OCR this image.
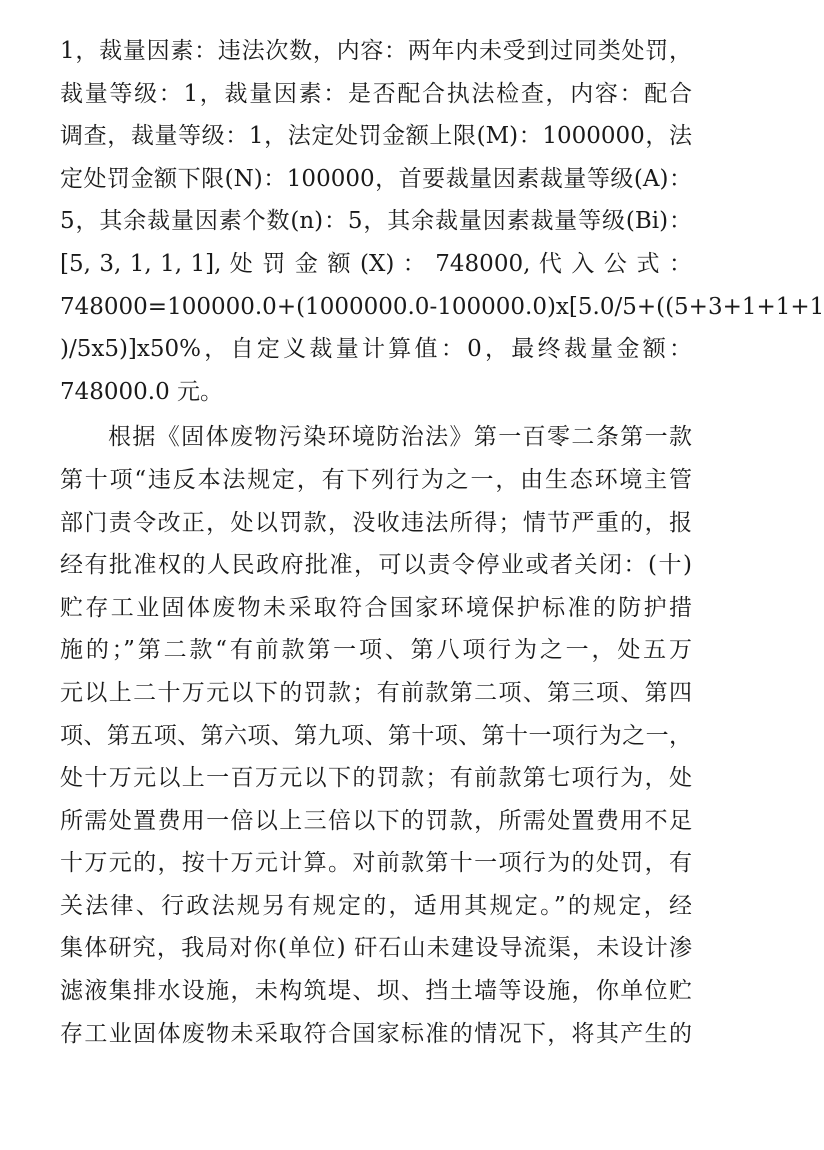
1，裁量因素：违法次数，内容：两年内未受到过同类处罚，
裁量等级：1，裁量因素：是否配合执法检查，内容：配合
调查，裁量等级：1，法定处罚金额上限(M)：1000000，法
定处罚金额下限(N)：100000，首要裁量因素裁量等级(A)：
5，其余裁量因素个数(n)：5，其余裁量因素裁量等级(Bi)：
[5, 3, 1, 1, 1], 处 罚 金 额 (X) ： 748000, 代 入 公 式 ：
748000=100000.0+(1000000.0-100000.0)x[5.0/5+((5+3+1+1+1
)/5x5)]x50%，自定义裁量计算值：0，最终裁量金额：
748000.0 元。
根据《固体废物污染环境防治法》第一百零二条第一款
第十项“违反本法规定，有下列行为之一，由生态环境主管
部门责令改正，处以罚款，没收违法所得；情节严重的，报
经有批准权的人民政府批准，可以责令停业或者关闭：(十)
贮存工业固体废物未采取符合国家环境保护标准的防护措
施的；”第二款“有前款第一项、第八项行为之一，处五万
元以上二十万元以下的罚款；有前款第二项、第三项、第四
项、第五项、第六项、第九项、第十项、第十一项行为之一，
处十万元以上一百万元以下的罚款；有前款第七项行为，处
所需处置费用一倍以上三倍以下的罚款，所需处置费用不足
十万元的，按十万元计算。对前款第十一项行为的处罚，有
关法律、行政法规另有规定的，适用其规定。”的规定，经
集体研究，我局对你(单位) 矸石山未建设导流渠，未设计渗
滤液集排水设施，未构筑堤、坝、挡土墙等设施，你单位贮
存工业固体废物未采取符合国家标准的情况下，将其产生的
